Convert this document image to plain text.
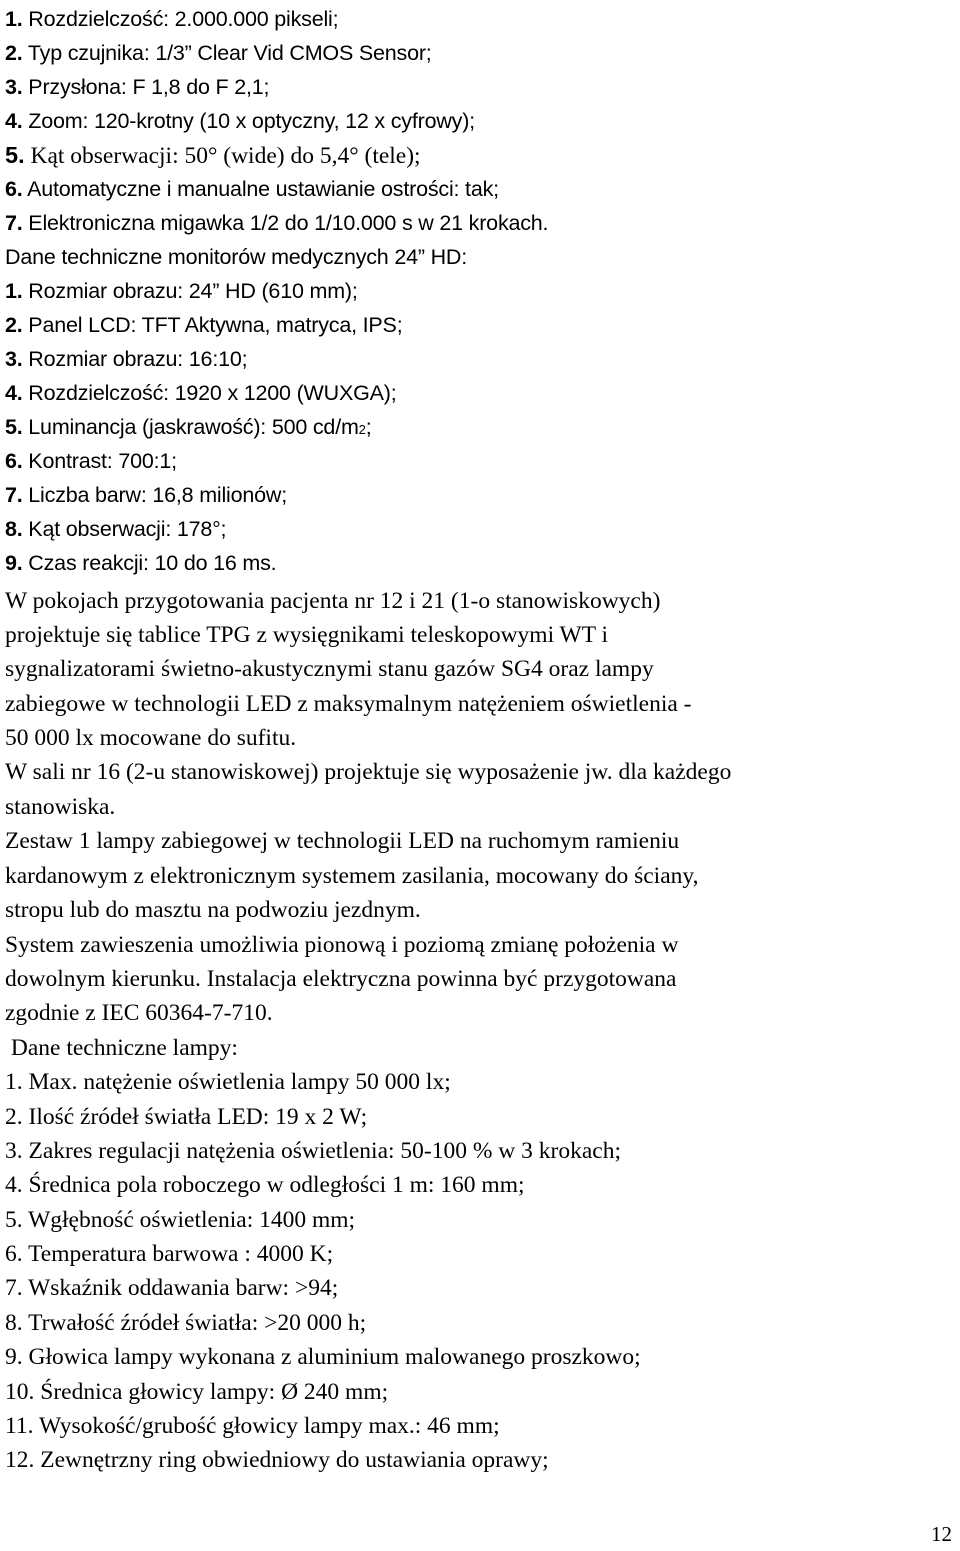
1. Rozdzielczość: 2.000.000 pikseli;
2. Typ czujnika: 1/3” Clear Vid CMOS Sensor;
3. Przysłona: F 1,8 do F 2,1;
4. Zoom: 120-krotny (10 x optyczny, 12 x cyfrowy);
5. Kąt obserwacji: 50° (wide) do 5,4° (tele);
6. Automatyczne i manualne ustawianie ostrości: tak;
7. Elektroniczna migawka 1/2 do 1/10.000 s w 21 krokach.
Dane techniczne monitorów medycznych 24” HD:
1. Rozmiar obrazu: 24” HD (610 mm);
2. Panel LCD: TFT Aktywna, matryca, IPS;
3. Rozmiar obrazu: 16:10;
4. Rozdzielczość: 1920 x 1200 (WUXGA);
5. Luminancja (jaskrawość): 500 cd/m2;
6. Kontrast: 700:1;
7. Liczba barw: 16,8 milionów;
8. Kąt obserwacji: 178°;
9. Czas reakcji: 10 do 16 ms.
W pokojach przygotowania pacjenta nr 12 i 21 (1-o stanowiskowych)
projektuje się tablice TPG z wysięgnikami teleskopowymi WT i
sygnalizatorami świetno-akustycznymi stanu gazów SG4 oraz lampy
zabiegowe w technologii LED z maksymalnym natężeniem oświetlenia -
50 000 lx mocowane do sufitu.
W sali nr 16 (2-u stanowiskowej) projektuje się wyposażenie jw. dla każdego
stanowiska.
Zestaw 1 lampy zabiegowej w technologii LED na ruchomym ramieniu
kardanowym z elektronicznym systemem zasilania, mocowany do ściany,
stropu lub do masztu na podwoziu jezdnym.
System zawieszenia umożliwia pionową i poziomą zmianę położenia w
dowolnym kierunku. Instalacja elektryczna powinna być przygotowana
zgodnie z IEC 60364-7-710.
Dane techniczne lampy:
1. Max. natężenie oświetlenia lampy 50 000 lx;
2. Ilość źródeł światła LED: 19 x 2 W;
3. Zakres regulacji natężenia oświetlenia: 50-100 % w 3 krokach;
4. Średnica pola roboczego w odległości 1 m: 160 mm;
5. Wgłębność oświetlenia: 1400 mm;
6. Temperatura barwowa : 4000 K;
7. Wskaźnik oddawania barw: >94;
8. Trwałość źródeł światła: >20 000 h;
9. Głowica lampy wykonana z aluminium malowanego proszkowo;
10. Średnica głowicy lampy: Ø 240 mm;
11. Wysokość/grubość głowicy lampy max.: 46 mm;
12. Zewnętrzny ring obwiedniowy do ustawiania oprawy;
12
